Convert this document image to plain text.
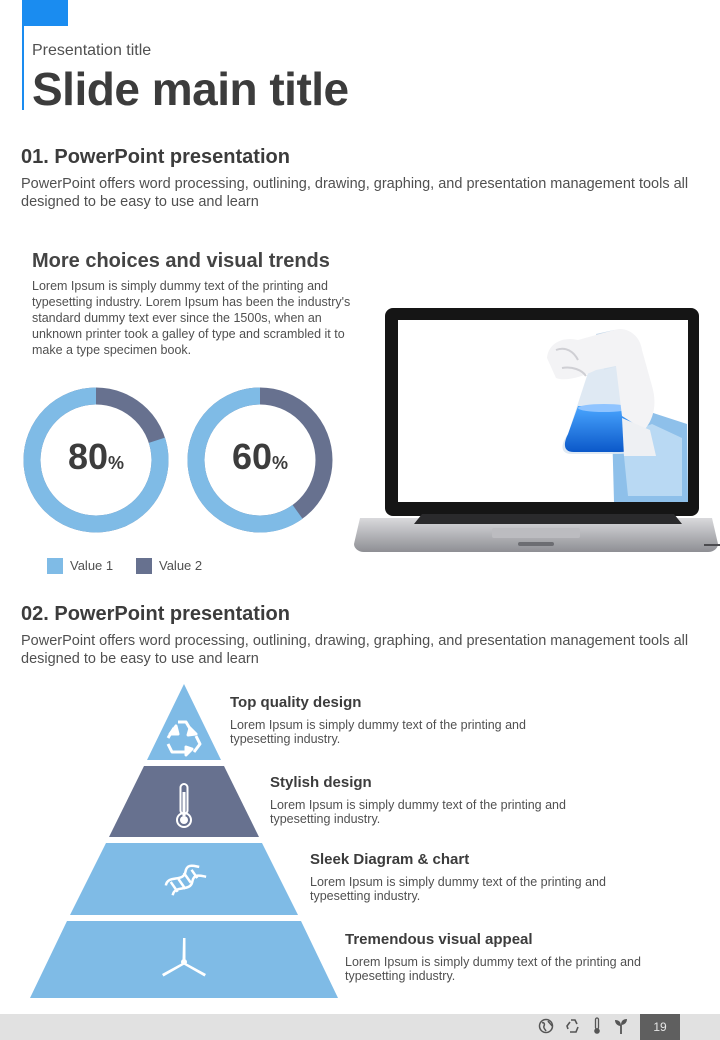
Presentation title
Slide main title
01. PowerPoint presentation
PowerPoint offers word processing, outlining, drawing, graphing, and presentation management tools all designed to be easy to use and learn
More choices and visual trends
Lorem Ipsum is simply dummy text of the printing and typesetting industry. Lorem Ipsum has been the industry's standard dummy text ever since the 1500s, when an unknown printer took a galley of type and scrambled it to make a type specimen book.
80%	60%
Value 1	Value 2
02. PowerPoint presentation
PowerPoint offers word processing, outlining, drawing, graphing, and presentation management tools all designed to be easy to use and learn
Top quality design
Lorem Ipsum is simply dummy text of the printing and typesetting industry.
Stylish design
Lorem Ipsum is simply dummy text of the printing and typesetting industry.
Sleek Diagram & chart
Lorem Ipsum is simply dummy text of the printing and typesetting industry.
Tremendous visual appeal
Lorem Ipsum is simply dummy text of the printing and typesetting industry.
19
